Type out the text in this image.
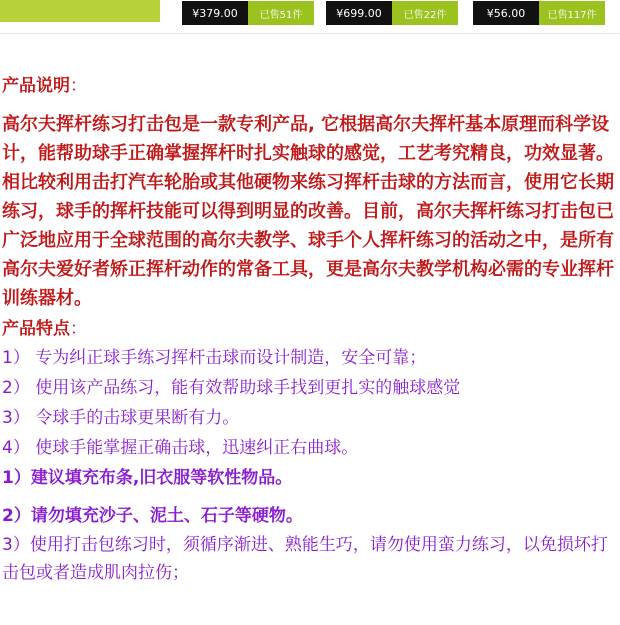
¥379.00	已售51件	¥699.00	已售22件	¥56.00	已售117件
产品说明：

高尔夫挥杆练习打击包是一款专利产品, 它根据高尔夫挥杆基本原理而科学设计，能帮助球手正确掌握挥杆时扎实触球的感觉，工艺考究精良，功效显著。相比较利用击打汽车轮胎或其他硬物来练习挥杆击球的方法而言，使用它长期练习，球手的挥杆技能可以得到明显的改善。目前，高尔夫挥杆练习打击包已广泛地应用于全球范围的高尔夫教学、球手个人挥杆练习的活动之中，是所有高尔夫爱好者矫正挥杆动作的常备工具，更是高尔夫教学机构必需的专业挥杆训练器材。

产品特点：
1） 专为纠正球手练习挥杆击球而设计制造，安全可靠；
2） 使用该产品练习，能有效帮助球手找到更扎实的触球感觉
3） 令球手的击球更果断有力。
4） 使球手能掌握正确击球，迅速纠正右曲球。
1）建议填充布条,旧衣服等软性物品。
2）请勿填充沙子、泥土、石子等硬物。
3）使用打击包练习时，须循序渐进、熟能生巧，请勿使用蛮力练习，以免损坏打击包或者造成肌肉拉伤；
